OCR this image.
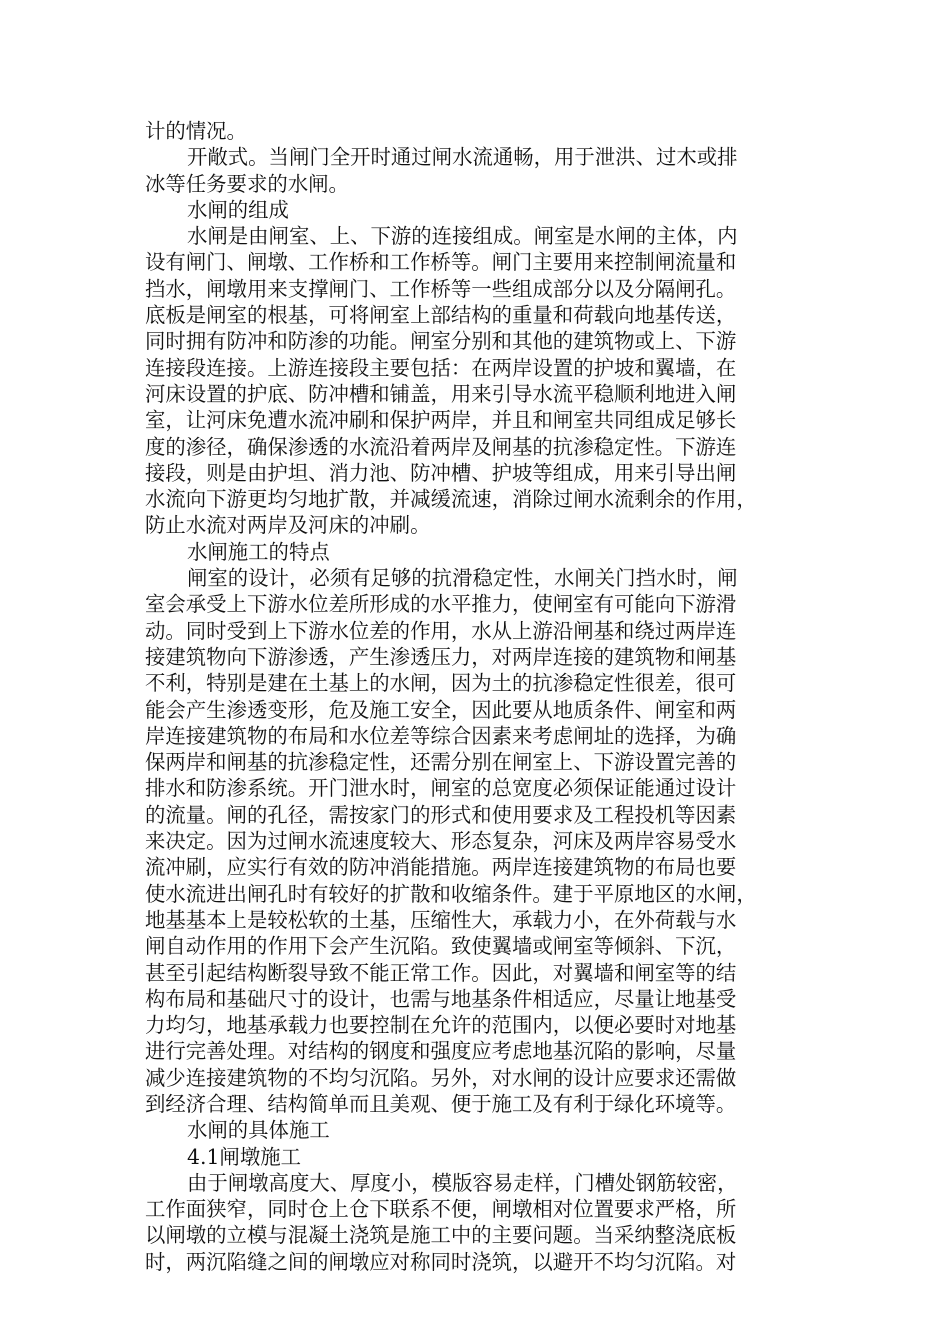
计的情况。
开敞式。当闸门全开时通过闸水流通畅，用于泄洪、过木或排
冰等任务要求的水闸。
水闸的组成
水闸是由闸室、上、下游的连接组成。闸室是水闸的主体，内
设有闸门、闸墩、工作桥和工作桥等。闸门主要用来控制闸流量和
挡水，闸墩用来支撑闸门、工作桥等一些组成部分以及分隔闸孔。
底板是闸室的根基，可将闸室上部结构的重量和荷载向地基传送，
同时拥有防冲和防渗的功能。闸室分别和其他的建筑物或上、下游
连接段连接。上游连接段主要包括：在两岸设置的护坡和翼墙，在
河床设置的护底、防冲槽和铺盖，用来引导水流平稳顺利地进入闸
室，让河床免遭水流冲刷和保护两岸，并且和闸室共同组成足够长
度的渗径，确保渗透的水流沿着两岸及闸基的抗渗稳定性。下游连
接段，则是由护坦、消力池、防冲槽、护坡等组成，用来引导出闸
水流向下游更均匀地扩散，并减缓流速，消除过闸水流剩余的作用，
防止水流对两岸及河床的冲刷。
水闸施工的特点
闸室的设计，必须有足够的抗滑稳定性，水闸关门挡水时，闸
室会承受上下游水位差所形成的水平推力，使闸室有可能向下游滑
动。同时受到上下游水位差的作用，水从上游沿闸基和绕过两岸连
接建筑物向下游渗透，产生渗透压力，对两岸连接的建筑物和闸基
不利，特别是建在土基上的水闸，因为土的抗渗稳定性很差，很可
能会产生渗透变形，危及施工安全，因此要从地质条件、闸室和两
岸连接建筑物的布局和水位差等综合因素来考虑闸址的选择，为确
保两岸和闸基的抗渗稳定性，还需分别在闸室上、下游设置完善的
排水和防渗系统。开门泄水时，闸室的总宽度必须保证能通过设计
的流量。闸的孔径，需按家门的形式和使用要求及工程投机等因素
来决定。因为过闸水流速度较大、形态复杂，河床及两岸容易受水
流冲刷，应实行有效的防冲消能措施。两岸连接建筑物的布局也要
使水流进出闸孔时有较好的扩散和收缩条件。建于平原地区的水闸，
地基基本上是较松软的土基，压缩性大，承载力小，在外荷载与水
闸自动作用的作用下会产生沉陷。致使翼墙或闸室等倾斜、下沉，
甚至引起结构断裂导致不能正常工作。因此，对翼墙和闸室等的结
构布局和基础尺寸的设计，也需与地基条件相适应，尽量让地基受
力均匀，地基承载力也要控制在允许的范围内，以便必要时对地基
进行完善处理。对结构的钢度和强度应考虑地基沉陷的影响，尽量
减少连接建筑物的不均匀沉陷。另外，对水闸的设计应要求还需做
到经济合理、结构简单而且美观、便于施工及有利于绿化环境等。
水闸的具体施工
4.1闸墩施工
由于闸墩高度大、厚度小，模版容易走样，门槽处钢筋较密，
工作面狭窄，同时仓上仓下联系不便，闸墩相对位置要求严格，所
以闸墩的立模与混凝土浇筑是施工中的主要问题。当采纳整浇底板
时，两沉陷缝之间的闸墩应对称同时浇筑，以避开不均匀沉陷。对
